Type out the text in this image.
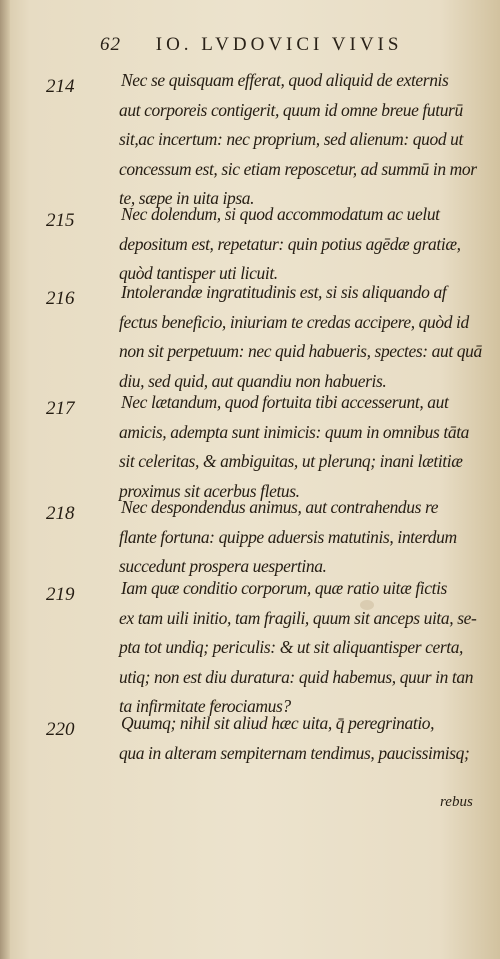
62 IO. LVDOVICI VIVIS
214	Nec se quisquam efferat, quod aliquid de externis
aut corporeis contigerit, quum id omne breue futurū
sit,ac incertum: nec proprium, sed alienum: quod ut
concessum est, sic etiam reposcetur, ad summū in mor
te, sæpe in uita ipsa.
215	Nec dolendum, si quod accommodatum ac uelut
depositum est, repetatur: quin potius agēdæ gratiæ,
quòd tantisper uti licuit.
216	Intolerandæ ingratitudinis est, si sis aliquando af
fectus beneficio, iniuriam te credas accipere, quòd id
non sit perpetuum: nec quid habueris, spectes: aut quā
diu, sed quid, aut quandiu non habueris.
217	Nec lætandum, quod fortuita tibi accesserunt, aut
amicis, adempta sunt inimicis: quum in omnibus tāta
sit celeritas, & ambiguitas, ut plerunq; inani lætitiæ
proximus sit acerbus fletus.
218	Nec despondendus animus, aut contrahendus re
flante fortuna: quippe aduersis matutinis, interdum
succedunt prospera uespertina.
219	Iam quæ conditio corporum, quæ ratio uitæ fictis
ex tam uili initio, tam fragili, quum sit anceps uita, se-
pta tot undiq; periculis: & ut sit aliquantisper certa,
utiq; non est diu duratura: quid habemus, quur in tan
ta infirmitate ferociamus?
220	Quumq; nihil sit aliud hæc uita, q̄ peregrinatio,
qua in alteram sempiternam tendimus, paucissimisq;
rebus
